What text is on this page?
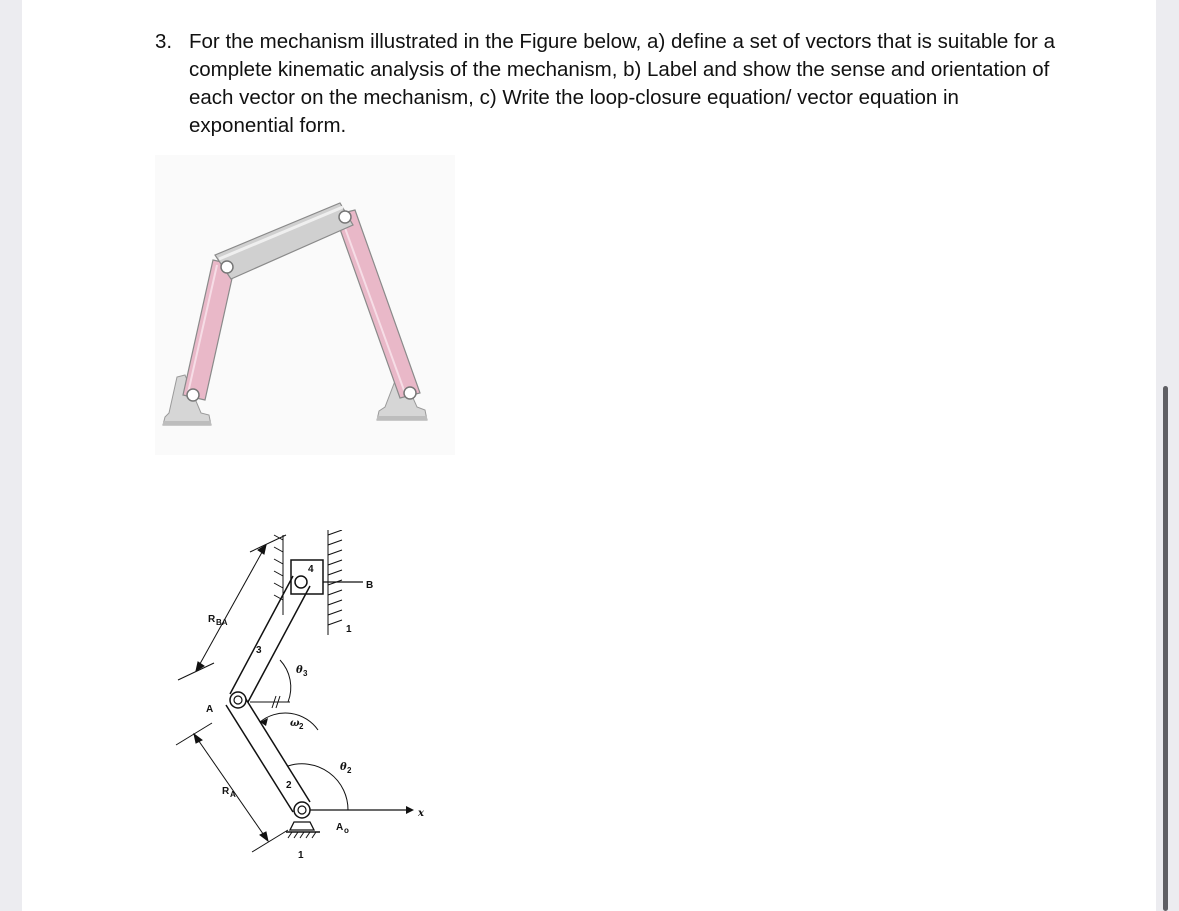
3. For the mechanism illustrated in the Figure below, a) define a set of vectors that is suitable for a complete kinematic analysis of the mechanism, b) Label and show the sense and orientation of each vector on the mechanism, c) Write the loop-closure equation/ vector equation in exponential form.
4
B
1
3
2
1
x
A o
θ 2
ω 2
θ 3
A
R BA
R A
